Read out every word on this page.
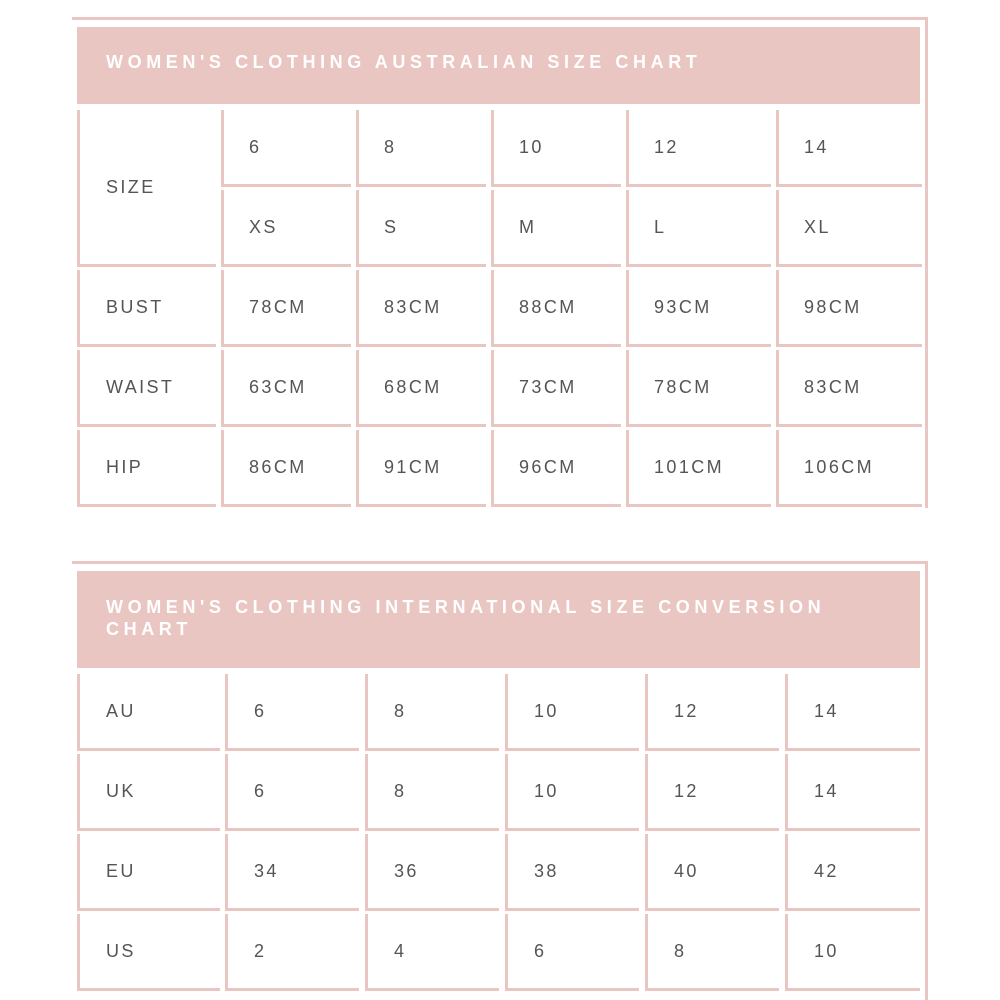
WOMEN'S CLOTHING AUSTRALIAN SIZE CHART
SIZE
6	8	10	12	14
XS	S	M	L	XL
BUST	78CM	83CM	88CM	93CM	98CM
WAIST	63CM	68CM	73CM	78CM	83CM
HIP	86CM	91CM	96CM	101CM	106CM
WOMEN'S CLOTHING INTERNATIONAL SIZE CONVERSION CHART
AU	6	8	10	12	14
UK	6	8	10	12	14
EU	34	36	38	40	42
US	2	4	6	8	10
